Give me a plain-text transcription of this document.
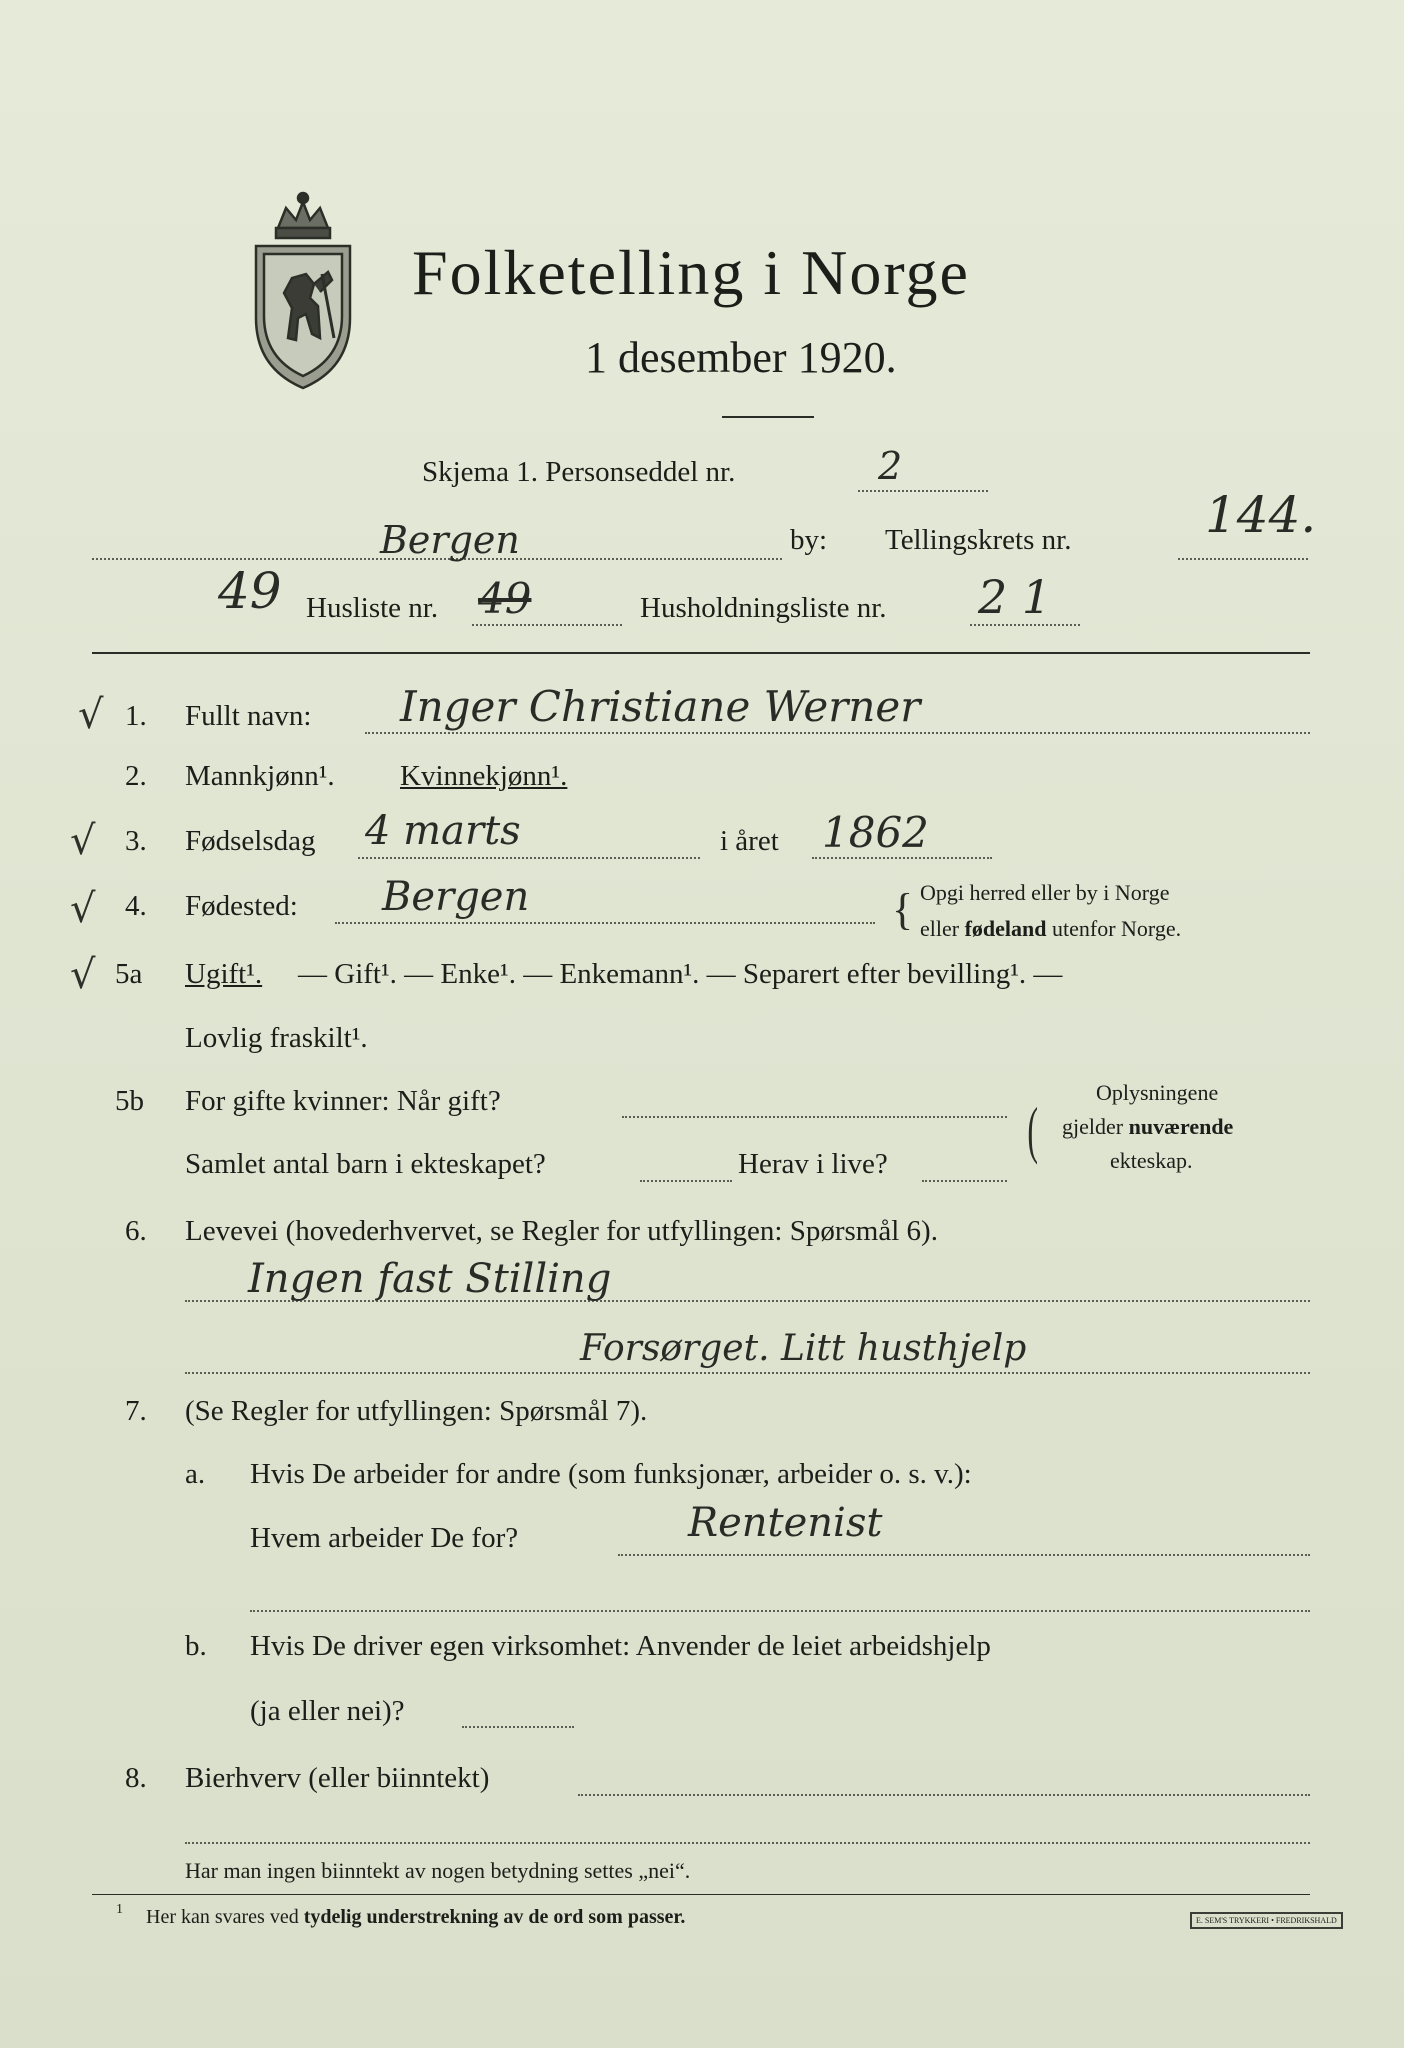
Folketelling i Norge
1 desember 1920.
Skjema 1. Personseddel nr.	2
Bergen	by: Tellingskrets nr.	144.
49 Husliste nr. 49	Husholdningsliste nr. 2 1
√ 1. Fullt navn: Inger Christiane Werner
2. Mannkjønn¹. Kvinnekjønn¹.
√ 3. Fødselsdag 4 marts	i året 1862
√ 4. Fødested: Bergen	{ Opgi herred eller by i Norge
eller fødeland utenfor Norge.
√ 5a Ugift¹. — Gift¹. — Enke¹. — Enkemann¹. — Separert efter bevilling¹. —
Lovlig fraskilt¹.
5b For gifte kvinner: Når gift?
Samlet antal barn i ekteskapet?	Herav i live? (
Oplysningene
gjelder nuværende
ekteskap.
6. Levevei (hovederhvervet, se Regler for utfyllingen: Spørsmål 6).
Ingen fast Stilling
Forsørget. Litt husthjelp
7. (Se Regler for utfyllingen: Spørsmål 7).
a. Hvis De arbeider for andre (som funksjonær, arbeider o. s. v.):
Hvem arbeider De for?	Rentenist
b. Hvis De driver egen virksomhet: Anvender de leiet arbeidshjelp
(ja eller nei)?
8. Bierhverv (eller biinntekt)
Har man ingen biinntekt av nogen betydning settes „nei“.
1 Her kan svares ved tydelig understrekning av de ord som passer.	E. SEM'S TRYKKERI • FREDRIKSHALD
